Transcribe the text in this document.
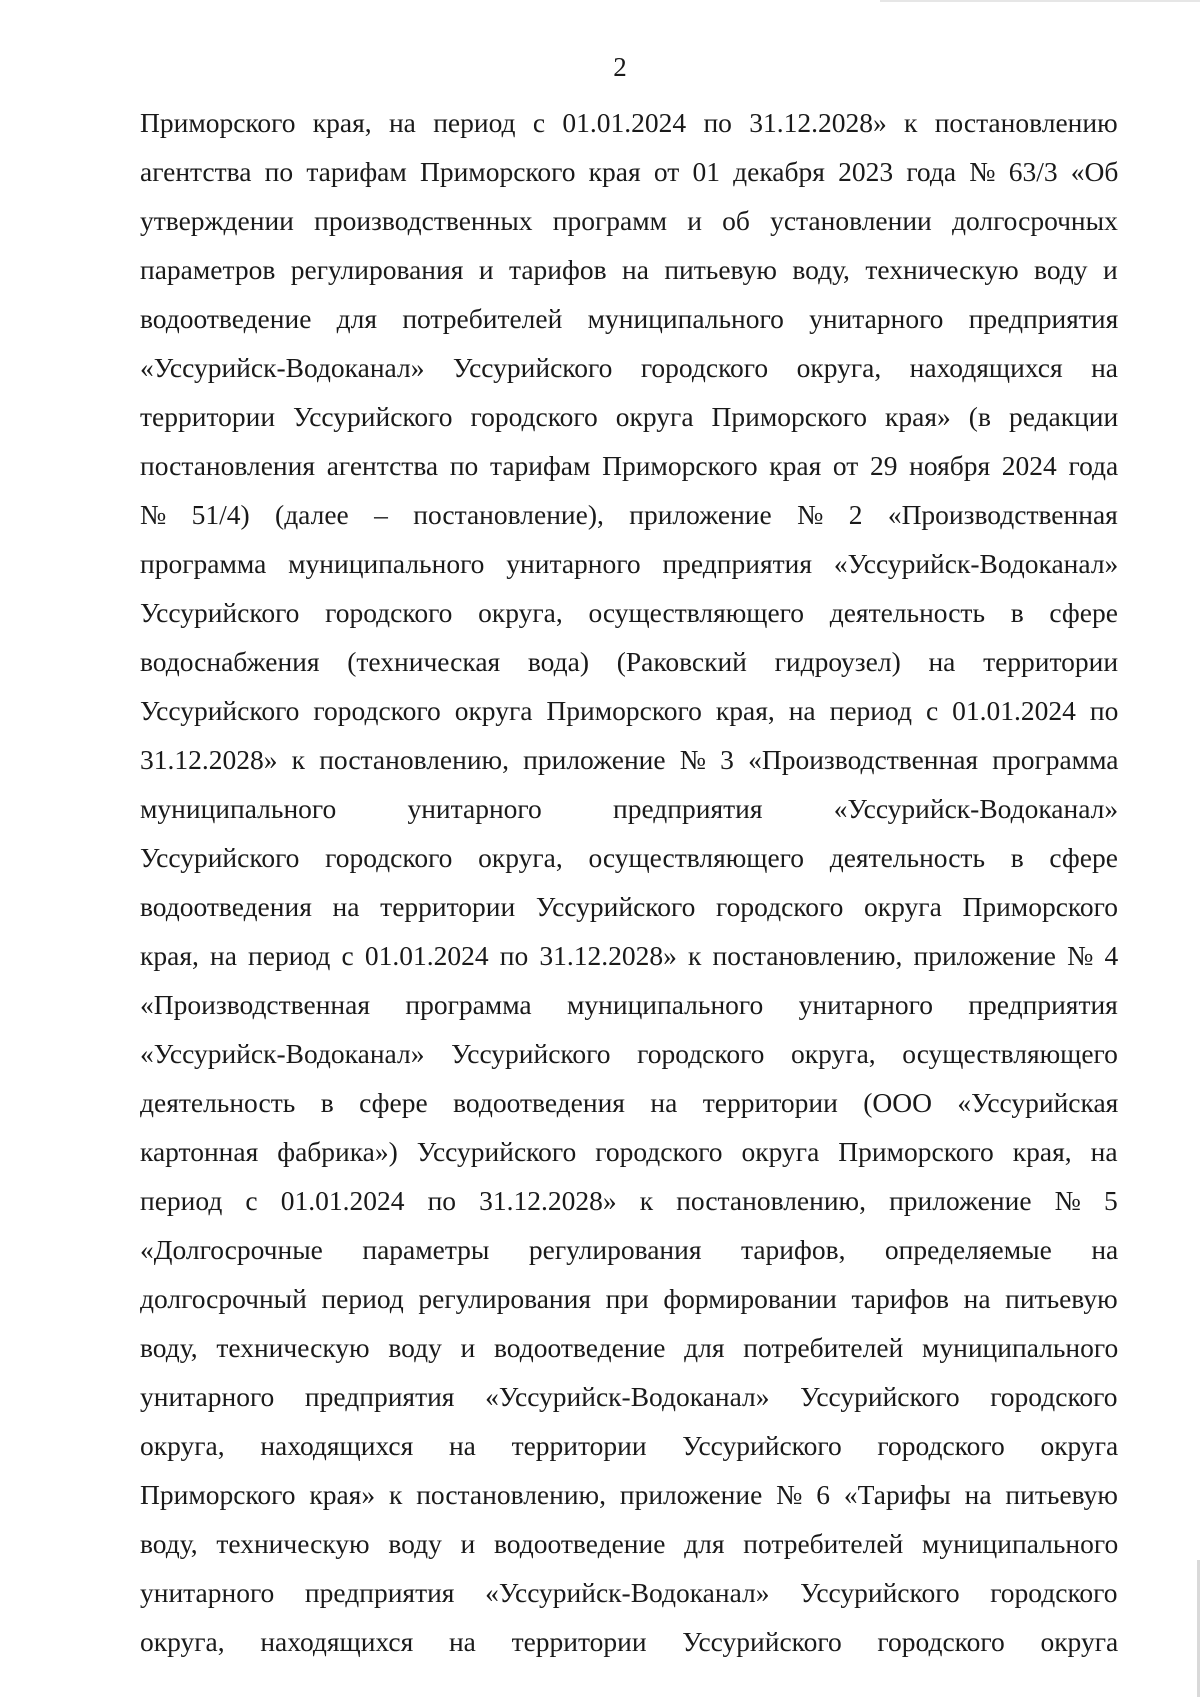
2

Приморского края, на период с 01.01.2024 по 31.12.2028» к постановлению
агентства по тарифам Приморского края от 01 декабря 2023 года № 63/3 «Об
утверждении производственных программ и об установлении долгосрочных
параметров регулирования и тарифов на питьевую воду, техническую воду и
водоотведение для потребителей муниципального унитарного предприятия
«Уссурийск-Водоканал» Уссурийского городского округа, находящихся на
территории Уссурийского городского округа Приморского края» (в редакции
постановления агентства по тарифам Приморского края от 29 ноября 2024 года
№ 51/4) (далее – постановление), приложение № 2 «Производственная
программа муниципального унитарного предприятия «Уссурийск-Водоканал»
Уссурийского городского округа, осуществляющего деятельность в сфере
водоснабжения (техническая вода) (Раковский гидроузел) на территории
Уссурийского городского округа Приморского края, на период с 01.01.2024 по
31.12.2028» к постановлению, приложение № 3 «Производственная программа
муниципального унитарного предприятия «Уссурийск-Водоканал»
Уссурийского городского округа, осуществляющего деятельность в сфере
водоотведения на территории Уссурийского городского округа Приморского
края, на период с 01.01.2024 по 31.12.2028» к постановлению, приложение № 4
«Производственная программа муниципального унитарного предприятия
«Уссурийск-Водоканал» Уссурийского городского округа, осуществляющего
деятельность в сфере водоотведения на территории (ООО «Уссурийская
картонная фабрика») Уссурийского городского округа Приморского края, на
период с 01.01.2024 по 31.12.2028» к постановлению, приложение № 5
«Долгосрочные параметры регулирования тарифов, определяемые на
долгосрочный период регулирования при формировании тарифов на питьевую
воду, техническую воду и водоотведение для потребителей муниципального
унитарного предприятия «Уссурийск-Водоканал» Уссурийского городского
округа, находящихся на территории Уссурийского городского округа
Приморского края» к постановлению, приложение № 6 «Тарифы на питьевую
воду, техническую воду и водоотведение для потребителей муниципального
унитарного предприятия «Уссурийск-Водоканал» Уссурийского городского
округа, находящихся на территории Уссурийского городского округа
